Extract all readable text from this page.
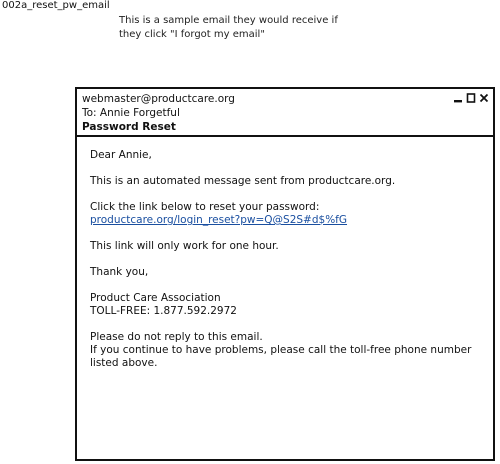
002a_reset_pw_email
This is a sample email they would receive if
they click "I forgot my email"
webmaster@productcare.org
To: Annie Forgetful
Password Reset

Dear Annie,

This is an automated message sent from productcare.org.

Click the link below to reset your password:

productcare.org/login_reset?pw=Q@S2S#d$%fG

This link will only work for one hour.

Thank you,

Product Care Association

TOLL-FREE: 1.877.592.2972

Please do not reply to this email.

If you continue to have problems, please call the toll-free phone number

listed above.
